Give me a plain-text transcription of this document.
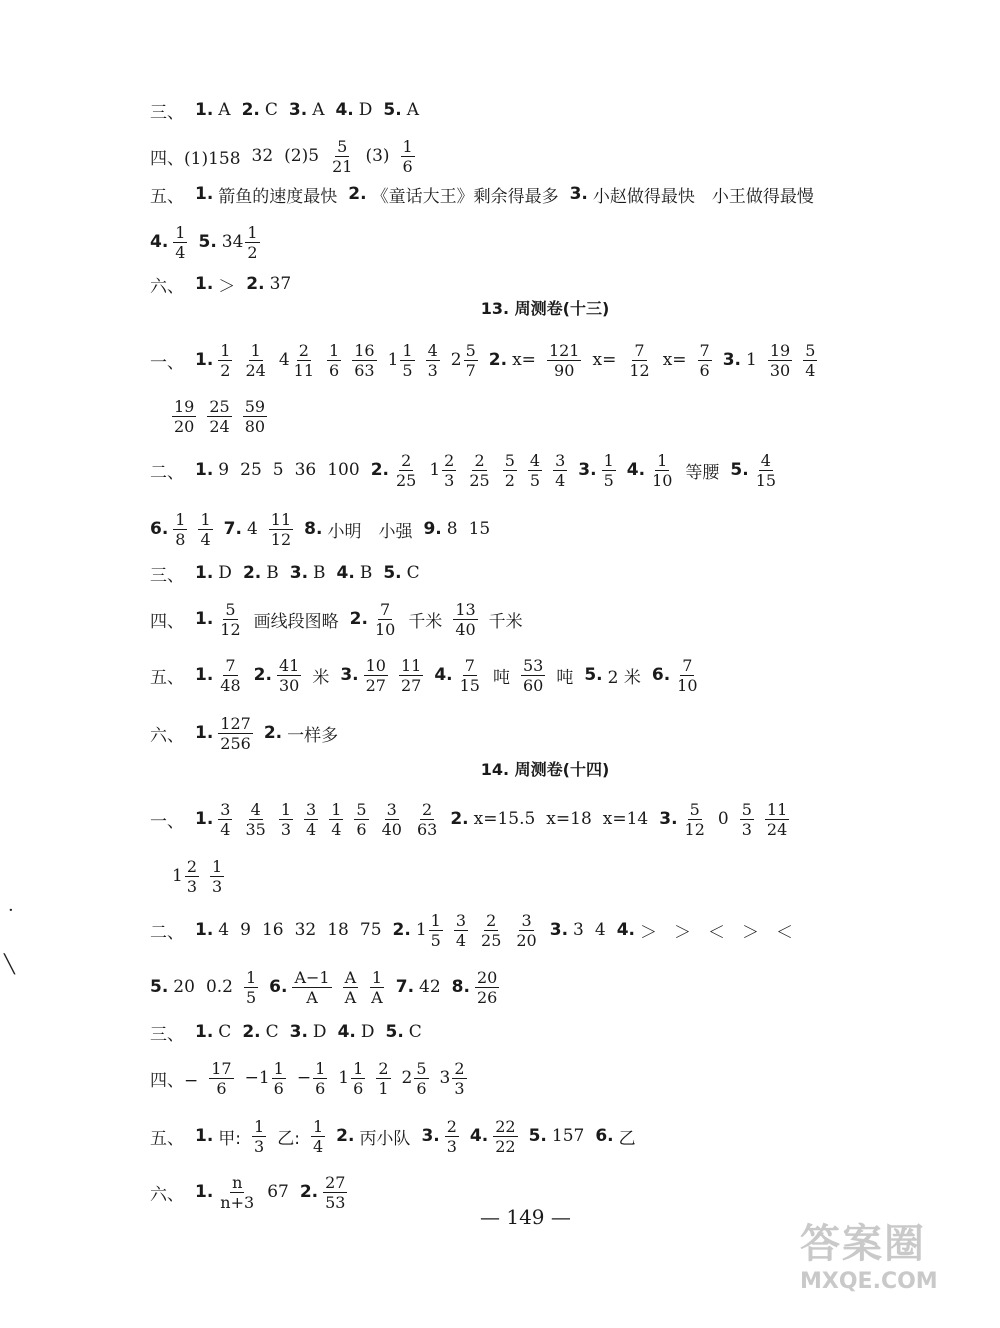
13. 周测卷(十三)
14. 周测卷(十四)
三、 1. A 2. C 3. A 4. D 5. A
四、(1)158 32 $(2)5 \frac{5}{21} (3) \frac{1}{6}$
五、 1. 箭鱼的速度最快 2. 《童话大王》剩余得最多 3. 小赵做得最快　小王做得最慢
4. $\frac{1}{4} 5$. $34 \frac{1}{2}$
六、 1. ＞ 2. 37
一、 1. $\frac{1}{2} \frac{1}{24} 4 \frac{2}{11} \frac{1}{6} \frac{16}{63} 1 \frac{1}{5} \frac{4}{3} 2 \frac{5}{7} 2$. $x= \frac{121}{90} x= \frac{7}{12} x= \frac{7}{6} 3$. $1 \frac{19}{30} \frac{5}{4}$
$\frac{19}{20} \frac{25}{24} \frac{59}{80}$
二、 1. 9 25 5 36 100 2. $\frac{2}{25} 1 \frac{2}{3} \frac{2}{25} \frac{5}{2} \frac{4}{5} \frac{3}{4} 3$. $\frac{1}{5} 4$. $\frac{1}{10}$ 等腰 5. $\frac{4}{15}$
6. $\frac{1}{8} \frac{1}{4} 7$. $4 \frac{11}{12} 8$. 小明　小强 9. 8 15
三、 1. D 2. B 3. B 4. B 5. C
四、 1. $\frac{5}{12}$ 画线段图略 2. $\frac{7}{10}$ 千米 $\frac{13}{40}$ 千米
五、 1. $\frac{7}{48} 2$. $\frac{41}{30}$ 米 3. $\frac{10}{27} \frac{11}{27} 4$. $\frac{7}{15}$ 吨 $\frac{53}{60}$ 吨 5. 2 米 6. $\frac{7}{10}$
六、 1. $\frac{127}{256} 2$. 一样多
一、 1. $\frac{3}{4} \frac{4}{35} \frac{1}{3} \frac{3}{4} \frac{1}{4} \frac{5}{6} \frac{3}{40} \frac{2}{63} 2$. x=15.5 x=18 x=14 3. $\frac{5}{12} 0 \frac{5}{3} \frac{11}{24}$
$1 \frac{2}{3} \frac{1}{3}$
二、 1. 4 9 16 32 18 75 2. $1 \frac{1}{5} \frac{3}{4} \frac{2}{25} \frac{3}{20} 3$. 3 4 4. ＞　＞　＜　＞　＜
5. 20 $0.2 \frac{1}{5} 6$. $\frac{A-1}{A} \frac{A}{A} \frac{1}{A} 7$. 42 8. $\frac{20}{26}$
三、 1. C 2. C 3. D 4. D 5. C
四、− $\frac{17}{6} -1 \frac{1}{6} - \frac{1}{6} 1 \frac{1}{6} \frac{2}{1} 2 \frac{5}{6} 3 \frac{2}{3}$
五、 1. 甲: $\frac{1}{3}$ 乙: $\frac{1}{4} 2$. 丙小队 3. $\frac{2}{3} 4$. $\frac{22}{22} 5$. 157 6. 乙
六、 1. $\frac{n}{n+3} 67$ 2. $\frac{27}{53}$
— 149 —
·
╲
答案圈
MXQE.COM
